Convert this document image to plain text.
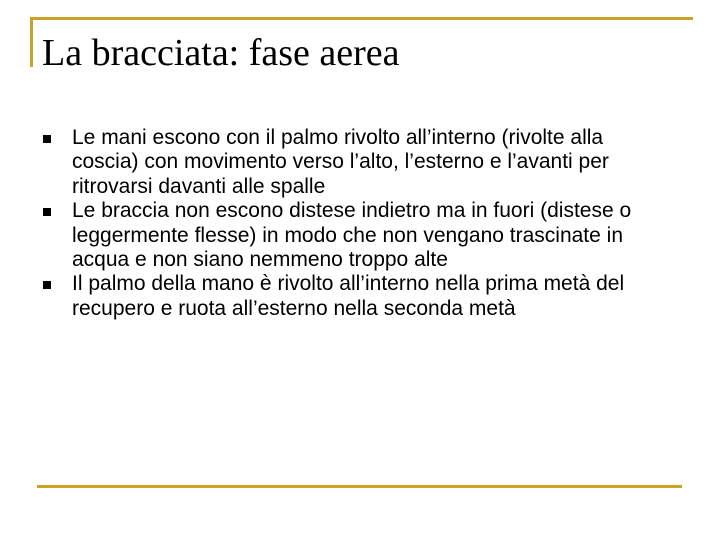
La bracciata: fase aerea
Le mani escono con il palmo rivolto all’interno (rivolte alla coscia) con movimento verso l’alto, l’esterno e l’avanti per ritrovarsi davanti alle spalle
Le braccia non escono distese indietro ma in fuori (distese o leggermente flesse) in modo che non vengano trascinate in acqua e non siano nemmeno troppo alte
Il palmo della mano è rivolto all’interno nella prima metà del recupero e ruota all’esterno nella seconda metà
